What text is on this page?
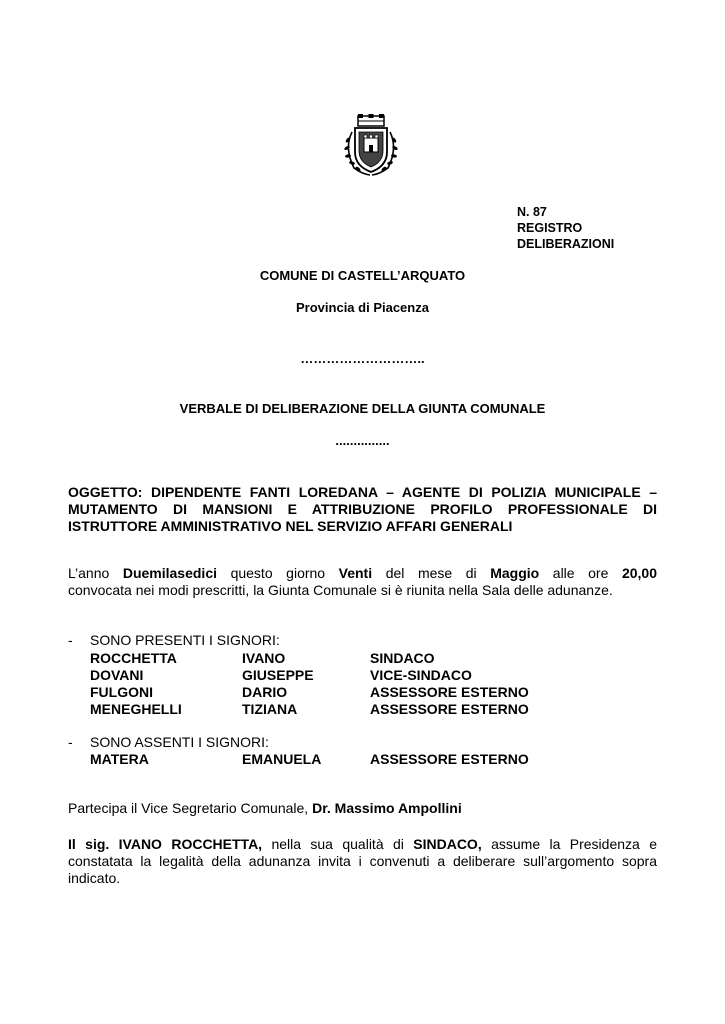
N. 87
REGISTRO
DELIBERAZIONI
COMUNE DI CASTELL’ARQUATO
Provincia di Piacenza
………………………..
VERBALE DI DELIBERAZIONE DELLA GIUNTA COMUNALE
...............
OGGETTO: DIPENDENTE FANTI LOREDANA – AGENTE DI POLIZIA MUNICIPALE – MUTAMENTO DI MANSIONI E ATTRIBUZIONE PROFILO PROFESSIONALE DI ISTRUTTORE AMMINISTRATIVO NEL SERVIZIO AFFARI GENERALI
L’anno Duemilasedici questo giorno Venti del mese di Maggio alle ore 20,00
convocata nei modi prescritti, la Giunta Comunale si è riunita nella Sala delle adunanze.
- SONO PRESENTI I SIGNORI:
ROCCHETTA	IVANO	SINDACO
DOVANI	GIUSEPPE	VICE-SINDACO
FULGONI	DARIO	ASSESSORE ESTERNO
MENEGHELLI	TIZIANA	ASSESSORE ESTERNO
- SONO ASSENTI I SIGNORI:
MATERA	EMANUELA	ASSESSORE ESTERNO
Partecipa il Vice Segretario Comunale, Dr. Massimo Ampollini
Il sig. IVANO ROCCHETTA, nella sua qualità di SINDACO, assume la Presidenza e
constatata la legalità della adunanza invita i convenuti a deliberare sull’argomento sopra
indicato.
